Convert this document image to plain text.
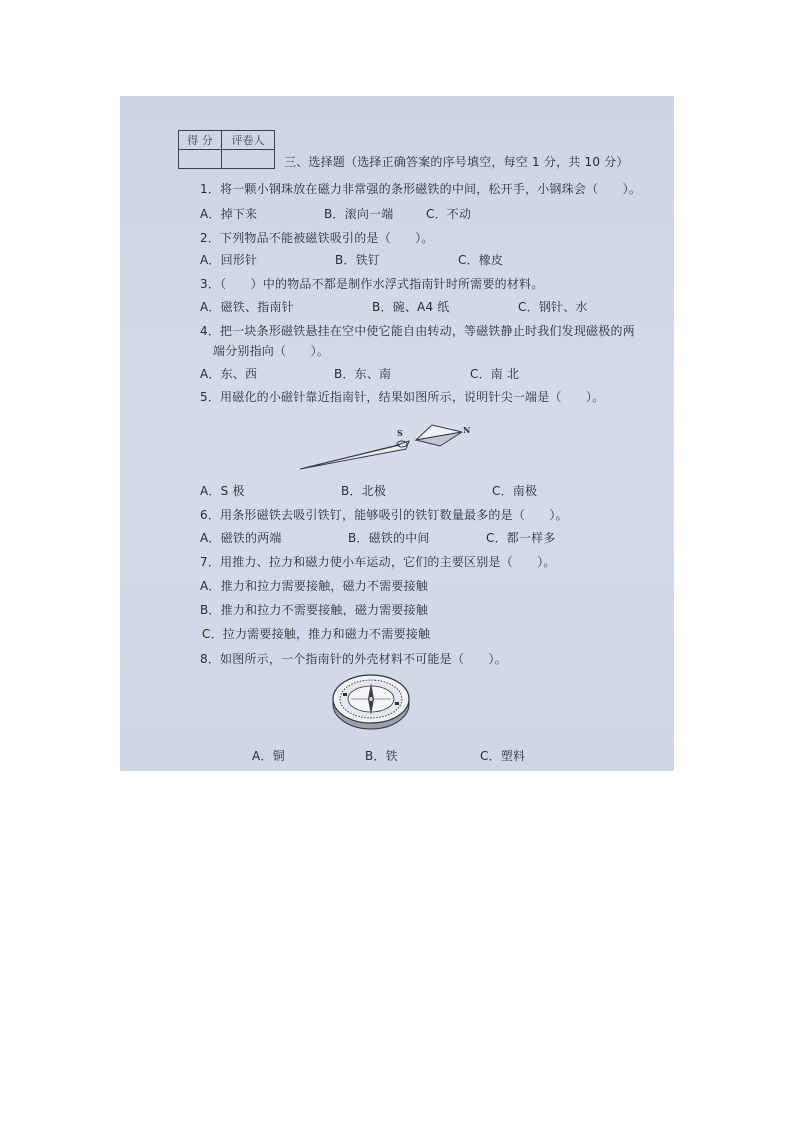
得 分	评卷人

三、选择题（选择正确答案的序号填空，每空 1 分，共 10 分）
1．将一颗小钢珠放在磁力非常强的条形磁铁的中间，松开手，小钢珠会（　　）。
A．掉下来	B．滚向一端	C．不动
2．下列物品不能被磁铁吸引的是（　　）。
A．回形针	B．铁钉	C．橡皮
3．（　　）中的物品不都是制作水浮式指南针时所需要的材料。
A．磁铁、指南针	B．碗、A4 纸	C．钢针、水
4．把一块条形磁铁悬挂在空中使它能自由转动，等磁铁静止时我们发现磁极的两
端分别指向（　　）。
A．东、西	B．东、南	C．南 北
5．用磁化的小磁针靠近指南针，结果如图所示，说明针尖一端是（　　）。
S	N
A．S 极	B．北极	C．南极
6．用条形磁铁去吸引铁钉，能够吸引的铁钉数量最多的是（　　）。
A．磁铁的两端	B．磁铁的中间	C．都一样多
7．用推力、拉力和磁力使小车运动，它们的主要区别是（　　）。
A．推力和拉力需要接触，磁力不需要接触
B．推力和拉力不需要接触，磁力需要接触
C．拉力需要接触，推力和磁力不需要接触
8．如图所示，一个指南针的外壳材料不可能是（　　）。
A．铜	B．铁	C．塑料
